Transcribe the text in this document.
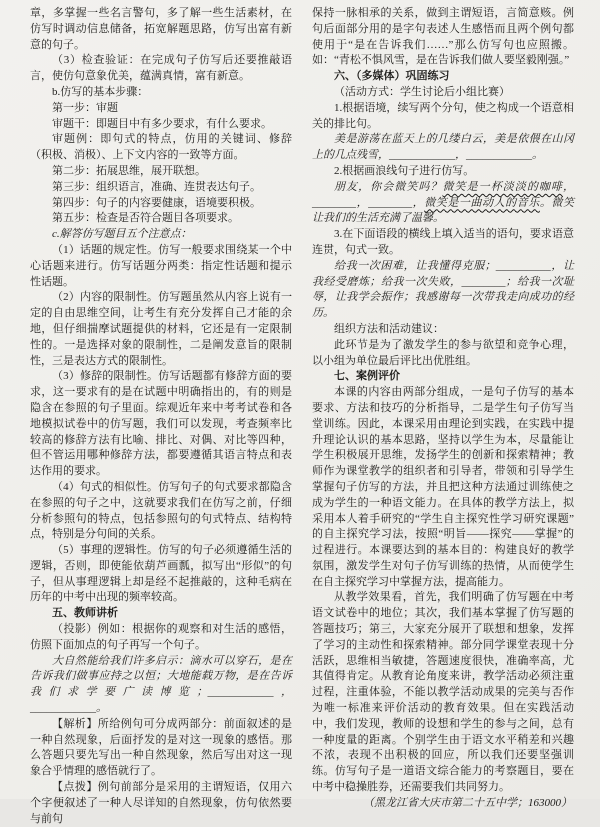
章，多掌握一些名言警句，多了解一些生活素材，在仿写时调动信息储备，拓宽解题思路，仿写出富有新意的句子。

（3）检查验证：在完成句子仿写后还要推敲语言，使仿句意象优美，蕴满真情，富有新意。

b.仿写的基本步骤：

第一步：审题

审题干：即题目中有多少要求，有什么要求。

审题例：即句式的特点，仿用的关键词、修辞（积极、消极）、上下文内容的一致等方面。

第二步：拓展思维，展开联想。

第三步：组织语言，准确、连贯表达句子。

第四步：句子的内容要健康，语境要积极。

第五步：检查是否符合题目各项要求。

c.解答仿写题目五个注意点：

（1）话题的规定性。仿写一般要求围绕某一个中心话题来进行。仿写话题分两类：指定性话题和提示性话题。

（2）内容的限制性。仿写题虽然从内容上说有一定的自由思维空间，让考生有充分发挥自己才能的余地，但仔细揣摩试题提供的材料，它还是有一定限制性的。一是选择对象的限制性，二是阐发意旨的限制性，三是表达方式的限制性。

（3）修辞的限制性。仿写话题都有修辞方面的要求，这一要求有的是在试题中明确指出的，有的则是隐含在参照的句子里面。综观近年来中考考试卷和各地模拟试卷中的仿写题，我们可以发现，考查频率比较高的修辞方法有比喻、排比、对偶、对比等四种，但不管运用哪种修辞方法，都要遵循其语言特点和表达作用的要求。

（4）句式的相似性。仿写句子的句式要求都隐含在参照的句子之中，这就要求我们在仿写之前，仔细分析参照句的特点，包括参照句的句式特点、结构特点，特别是分句间的关系。

（5）事理的逻辑性。仿写的句子必须遵循生活的逻辑，否则，即使能依葫芦画瓢，拟写出“形似”的句子，但从事理逻辑上却是经不起推敲的，这种毛病在历年的中考中出现的频率较高。

五、教师讲析

（投影）例如：根据你的观察和对生活的感悟，仿照下面加点的句子再写一个句子。

大自然能给我们许多启示：滴水可以穿石，是在告诉我们做事应持之以恒；大地能载万物，是在告诉我们求学要广读博览；____________，____________。

【解析】所给例句可分成两部分：前面叙述的是一种自然现象，后面抒发的是对这一现象的感悟。那么答题只要先写出一种自然现象，然后写出对这一现象合乎情理的感悟就行了。

【点拨】例句前部分是采用的主谓短语，仅用六个字便叙述了一种人尽详知的自然现象，仿句依然要与前句

保持一脉相承的关系，做到主谓短语，言简意赅。例句后面部分用的是字句表述人生感悟而且两个例句都使用于“是在告诉我们……”那么仿写句也应照搬。如：“青松不惧风雪，是在告诉我们做人要坚毅刚强。”

六、（多媒体）巩固练习

（活动方式：学生讨论后小组比赛）

1.根据语境，续写两个分句，使之构成一个语意相关的排比句。

美是游荡在蓝天上的几缕白云，美是依偎在山冈上的几点残雪，____________，____________。

2.根据画浪线句子进行仿写。

朋友，你会微笑吗？微笑是一杯淡淡的咖啡，________，________，微笑是一曲动人的音乐。微笑让我们的生活充满了温馨。

3.在下面语段的横线上填入适当的语句，要求语意连贯，句式一致。

给我一次困难，让我懂得克服；__________，让我经受磨炼；给我一次失败，________；给我一次耻辱，让我学会振作；我感谢每一次带我走向成功的经历。

组织方法和活动建议：

此环节是为了激发学生的参与欲望和竞争心理，以小组为单位最后评比出优胜组。

七、案例评价

本课的内容由两部分组成，一是句子仿写的基本要求、方法和技巧的分析指导，二是学生句子仿写当堂训练。因此，本课采用由理论到实践，在实践中提升理论认识的基本思路，坚持以学生为本，尽量能让学生积极展开思维，发扬学生的创新和探索精神；教师作为课堂教学的组织者和引导者，带领和引导学生掌握句子仿写的方法，并且把这种方法通过训练使之成为学生的一种语文能力。在具体的教学方法上，拟采用本人着手研究的“学生自主探究性学习研究课题”的自主探究学习法，按照“明旨——探究——掌握”的过程进行。本课要达到的基本目的：构建良好的教学氛围，激发学生对句子仿写训练的热情，从而使学生在自主探究学习中掌握方法，提高能力。

从教学效果看，首先，我们明确了仿写题在中考语文试卷中的地位；其次，我们基本掌握了仿写题的答题技巧；第三，大家充分展开了联想和想象，发挥了学习的主动性和探索精神。部分同学课堂表现十分活跃，思维相当敏捷，答题速度很快，准确率高，尤其值得肯定。从教育论角度来讲，教学活动必须注重过程，注重体验，不能以教学活动成果的完美与否作为唯一标准来评价活动的教育效果。但在实践活动中，我们发现，教师的设想和学生的参与之间，总有一种度量的距离。个别学生由于语文水平稍差和兴趣不浓，表现不出积极的回应，所以我们还要坚强训练。仿写句子是一道语文综合能力的考察题目，要在中考中稳操胜券，还需要我们共同努力。

（黑龙江省大庆市第二十五中学；163000）
